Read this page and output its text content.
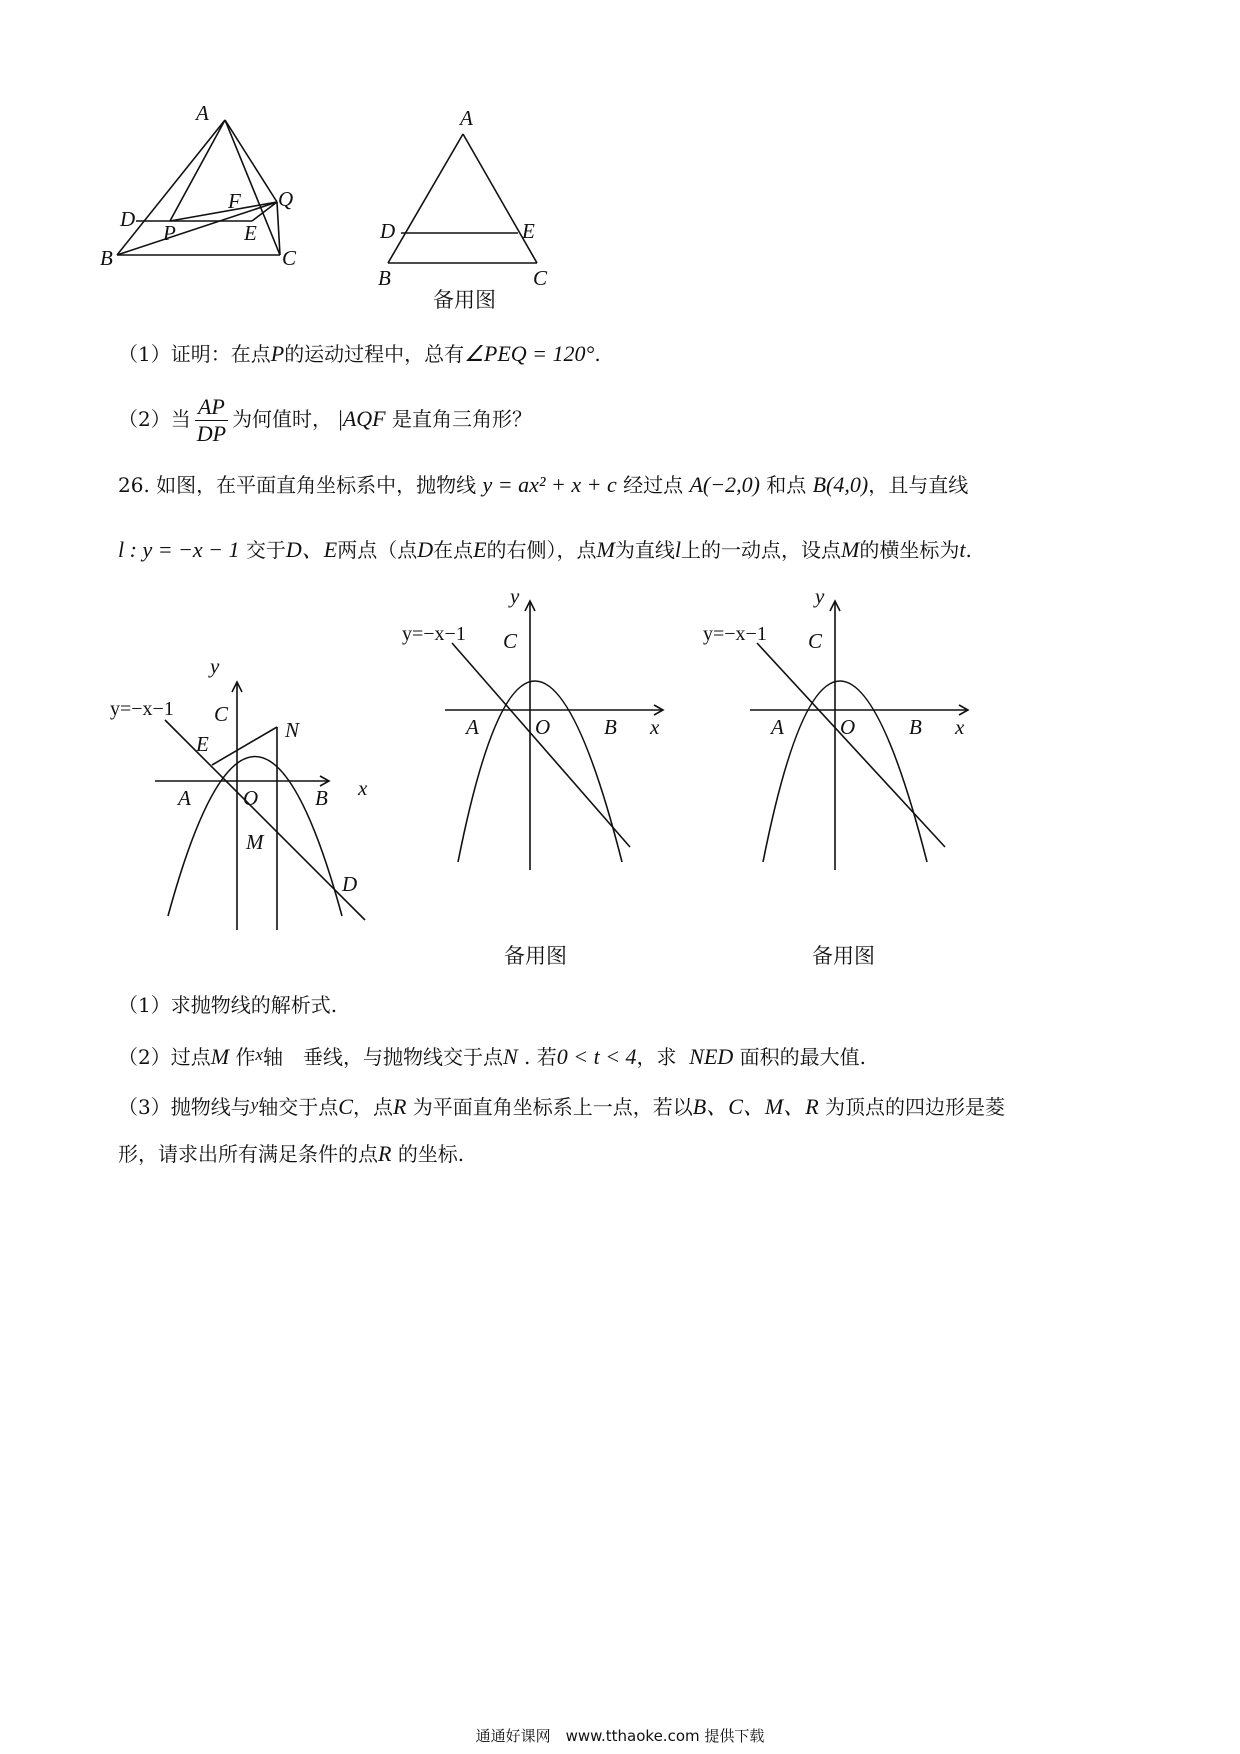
A
B	C
D
E
F
P
Q
A
B	C
D	E
备用图
（1）证明：在点P的运动过程中，总有∠PEQ = 120°.
（2）当 $\frac{AP}{DP}$ 为何值时， |AQF 是直角三角形？
26. 如图，在平面直角坐标系中，抛物线 y = ax² + x + c 经过点 A(−2,0) 和点 B(4,0)，且与直线
l : y = −x − 1 交于D、E两点（点D在点E的右侧），点M为直线l上的一动点，设点M的横坐标为t.
y
x
y=−x−1 C
E
N
A O	B
M
D
y
x
y=−x−1 C
A	O	B
备用图
y
x
y=−x−1 C
A	O	B
备用图
（1）求抛物线的解析式.
（2）过点M 作$^x$轴　垂线，与抛物线交于点N . 若0 < t < 4，求 NED 面积的最大值.
（3）抛物线与$^y$轴交于点C，点R 为平面直角坐标系上一点，若以B、C、M、R 为顶点的四边形是菱
形，请求出所有满足条件的点R 的坐标.
通通好课网　www.tthaoke.com 提供下载
